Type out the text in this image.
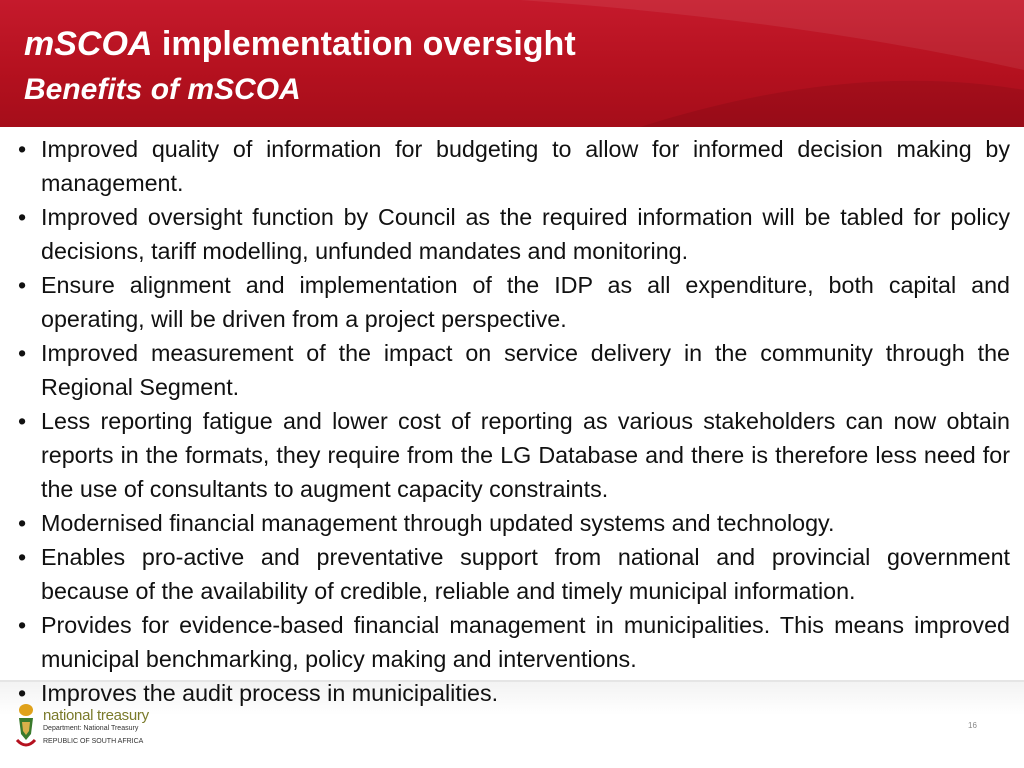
mSCOA implementation oversight
Benefits of mSCOA
national treasury
Department: National Treasury
REPUBLIC OF SOUTH AFRICA
16
• Improved quality of information for budgeting to allow for informed decision making by management.
• Improved oversight function by Council as the required information will be tabled for policy decisions, tariff modelling, unfunded mandates and monitoring.
• Ensure alignment and implementation of the IDP as all expenditure, both capital and operating, will be driven from a project perspective.
• Improved measurement of the impact on service delivery in the community through the Regional Segment.
• Less reporting fatigue and lower cost of reporting as various stakeholders can now obtain reports in the formats, they require from the LG Database and there is therefore less need for the use of consultants to augment capacity constraints.
• Modernised financial management through updated systems and technology.
• Enables pro-active and preventative support from national and provincial government because of the availability of credible, reliable and timely municipal information.
• Provides for evidence-based financial management in municipalities. This means improved municipal benchmarking, policy making and interventions.
• Improves the audit process in municipalities.
